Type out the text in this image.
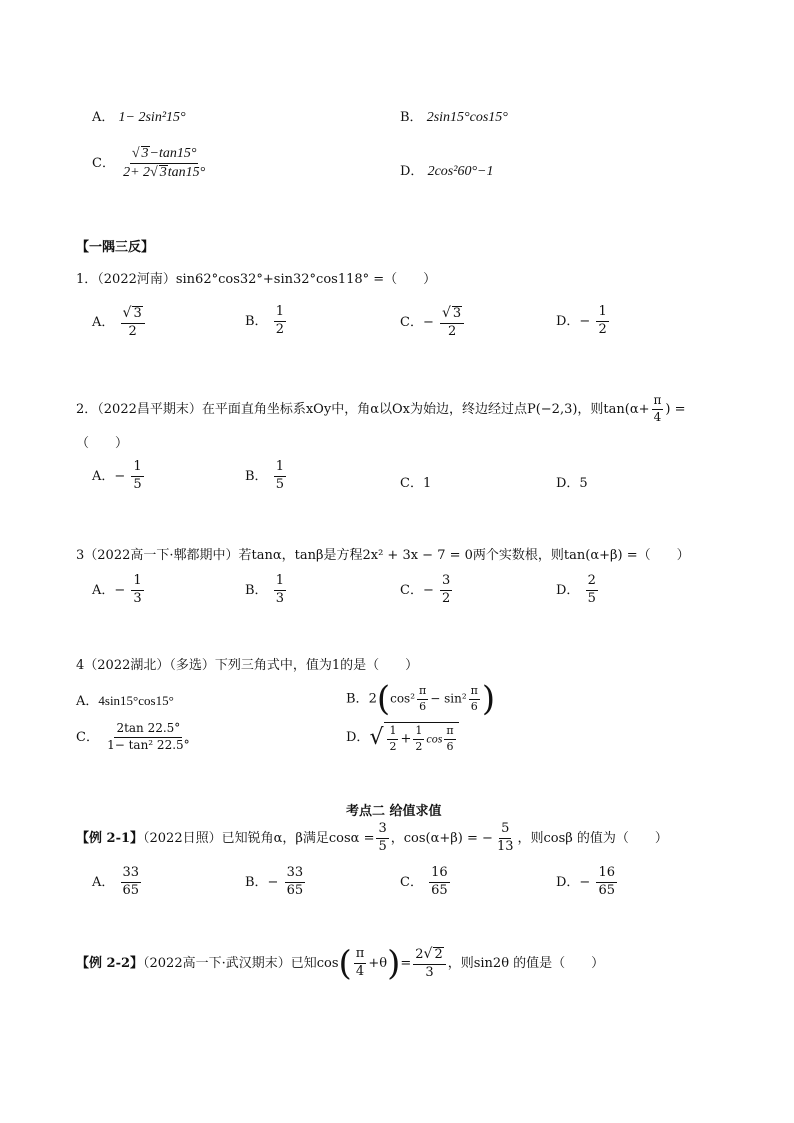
A． 1− 2sin²15°	B． 2sin15°cos15°
C． $\frac{√ 3-\tan 15^\circ}{2+ 2√ 3\tan 15^\circ}$	D． 2cos²60°−1
【一隅三反】
1．（2022河南）sin62°cos32°+sin32°cos118° =（　　）
A． $\frac{√ 3}{2}$	B． $\frac{1}{2}$	C．− $\frac{√ 3}{2}$	D．− $\frac{1}{2}$
2．（2022昌平期末）在平面直角坐标系xOy中，角α以Ox为始边，终边经过点P(−2,3)，则$\tan(\alpha+ \frac{\pi}{4}$ ) =
（　　）
A．− $\frac{1}{5}$	B． $\frac{1}{5}$	C．1	D．5
3（2022高一下·郫都期中）若tanα，tanβ是方程2x² + 3x − 7 = 0两个实数根，则tan(α+β) =（　　）
A．− $\frac{1}{3}$	B． $\frac{1}{3}$	C．− $\frac{3}{2}$	D． $\frac{2}{5}$
4（2022湖北）（多选）下列三角式中，值为1的是（　　）
A．4sin15°cos15°	B．$2(\cos^2 \frac{\pi}{6} - \sin^2 \frac{\pi}{6}$ )
C． $\frac{2\tan 22.5^\circ}{\text{1− tan² 22.5°}}$	D．√ $\frac{1}{2} + \frac{1}{2}$ $\cos \frac{\pi}{6}$
考点二 给值求值
【例 2-1】（2022日照）已知锐角α，β满足$\cos\alpha = \frac{3}{5}$ ，cos(α+β) = − $\frac{5}{13}$ ，则cosβ 的值为（　　）
A． $\frac{33}{65}$	B．− $\frac{33}{65}$	C． $\frac{16}{65}$	D．− $\frac{16}{65}$
【例 2-2】（2022高一下·武汉期末）已知$\cos( \frac{\pi}{4} +\theta)= \frac{2√ 2}{3}$ ，则sin2θ 的值是（　　）
